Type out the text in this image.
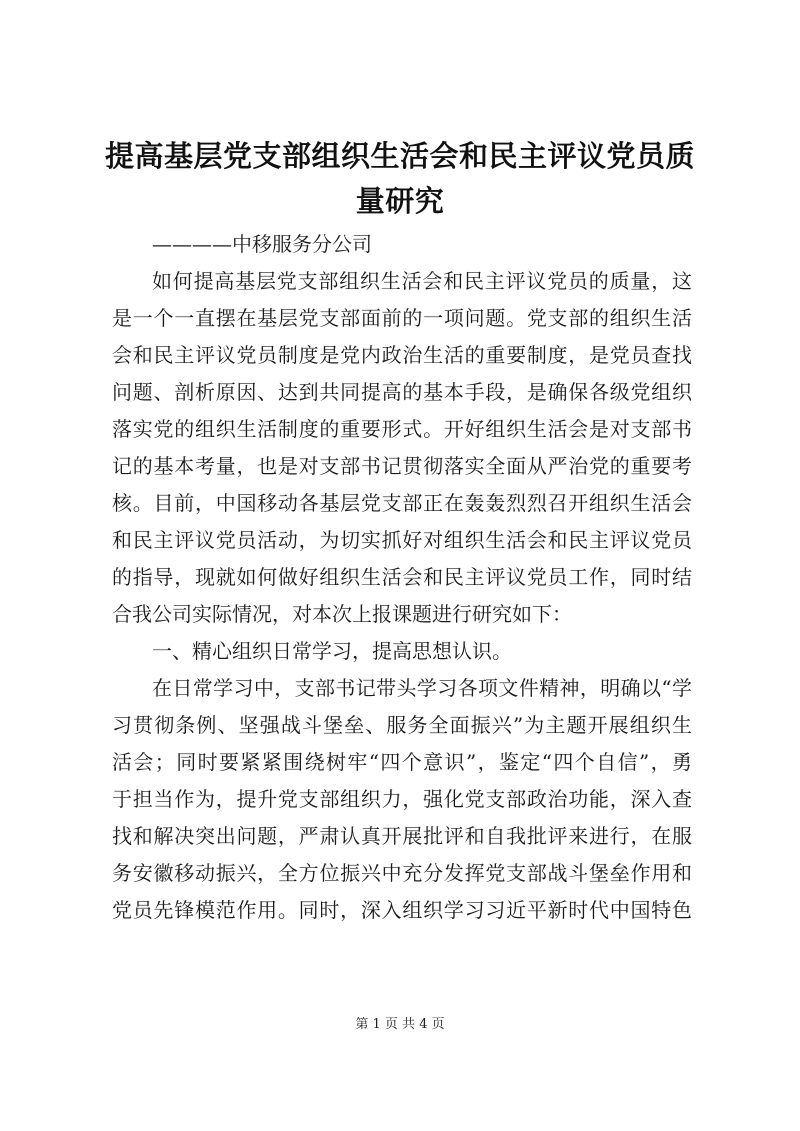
提高基层党支部组织生活会和民主评议党员质
量研究
————中移服务分公司
如何提高基层党支部组织生活会和民主评议党员的质量，这
是一个一直摆在基层党支部面前的一项问题。党支部的组织生活
会和民主评议党员制度是党内政治生活的重要制度，是党员查找
问题、剖析原因、达到共同提高的基本手段，是确保各级党组织
落实党的组织生活制度的重要形式。开好组织生活会是对支部书
记的基本考量，也是对支部书记贯彻落实全面从严治党的重要考
核。目前，中国移动各基层党支部正在轰轰烈烈召开组织生活会
和民主评议党员活动，为切实抓好对组织生活会和民主评议党员
的指导，现就如何做好组织生活会和民主评议党员工作，同时结
合我公司实际情况，对本次上报课题进行研究如下：
一、精心组织日常学习，提高思想认识。
在日常学习中，支部书记带头学习各项文件精神，明确以“学
习贯彻条例、坚强战斗堡垒、服务全面振兴”为主题开展组织生
活会；同时要紧紧围绕树牢“四个意识”，鉴定“四个自信”，勇
于担当作为，提升党支部组织力，强化党支部政治功能，深入查
找和解决突出问题，严肃认真开展批评和自我批评来进行，在服
务安徽移动振兴，全方位振兴中充分发挥党支部战斗堡垒作用和
党员先锋模范作用。同时，深入组织学习习近平新时代中国特色
第 1 页 共 4 页
